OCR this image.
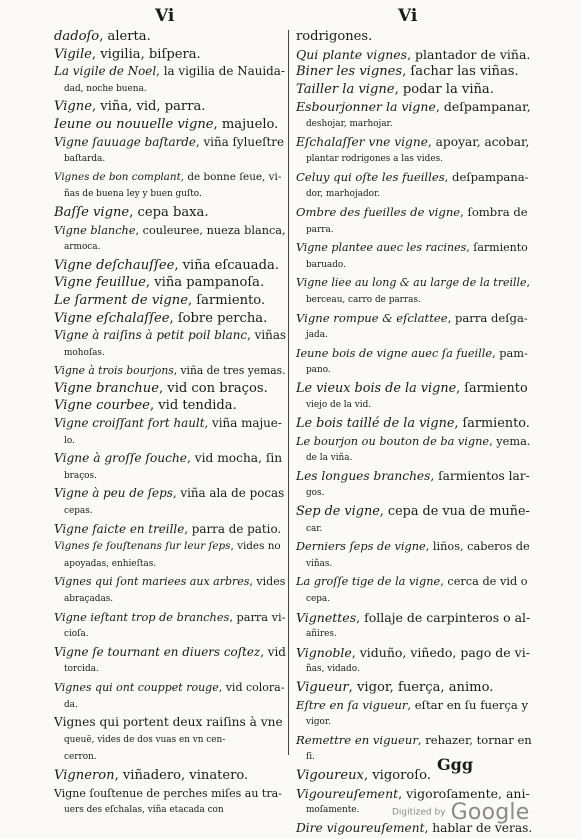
Vi	Vi
dadoſo, alerta.
Vigile, vigilia, biſpera.
La vigile de Noel, la vigilia de Nauida-
dad, noche buena.
Vigne, viña, vid, parra.
Ieune ou nouuelle vigne, majuelo.
Vigne ſauuage baſtarde, viña ſylueſtre
baſtarda.
Vignes de bon complant, de bonne ſeue, vi-
ñas de buena ley y buen guſto.
Baſſe vigne, cepa baxa.
Vigne blanche, couleuree, nueza blanca,
armoca.
Vigne deſchauſſee, viña eſcauada.
Vigne feuillue, viña pampanoſa.
Le ſarment de vigne, ſarmiento.
Vigne eſchalaſſee, ſobre percha.
Vigne à raiſins à petit poil blanc, viñas
mohoſas.
Vigne à trois bourjons, viña de tres yemas.
Vigne branchue, vid con braços.
Vigne courbee, vid tendida.
Vigne croiſſant fort hault, viña majue-
lo.
Vigne à groſſe ſouche, vid mocha, ſin
braços.
Vigne à peu de ſeps, viña ala de pocas
cepas.
Vigne faicte en treille, parra de patio.
Vignes ſe ſouſtenans ſur leur ſeps, vides no
apoyadas, enhieſtas.
Vignes qui ſont mariees aux arbres, vides
abraçadas.
Vigne ieſtant trop de branches, parra vi-
cioſa.
Vigne ſe tournant en diuers coſtez, vid
torcida.
Vignes qui ont couppet rouge, vid colora-
da.
Vignes qui portent deux raiſins à vne
queuë, vides de dos vuas en vn cen-
cerron.
Vigneron, viñadero, vinatero.
Vigne ſouſtenue de perches miſes au tra-
uers des eſchalas, viña etacada con
rodrigones.
Qui plante vignes, plantador de viña.
Biner les vignes, ſachar las viñas.
Tailler la vigne, podar la viña.
Esbourjonner la vigne, deſpampanar,
deshojar, marhojar.
Eſchalaſſer vne vigne, apoyar, acobar,
plantar rodrigones a las vides.
Celuy qui oſte les fueilles, deſpampana-
dor, marhojador.
Ombre des fueilles de vigne, ſombra de
parra.
Vigne plantee auec les racines, ſarmiento
baruado.
Vigne liee au long & au large de la treille,
berceau, carro de parras.
Vigne rompue & eſclattee, parra deſga-
jada.
Ieune bois de vigne auec ſa fueille, pam-
pano.
Le vieux bois de la vigne, ſarmiento
viejo de la vid.
Le bois taillé de la vigne, ſarmiento.
Le bourjon ou bouton de ba vigne, yema.
de la viña.
Les longues branches, ſarmientos lar-
gos.
Sep de vigne, cepa de vua de muñe-
car.
Derniers ſeps de vigne, liños, caberos de
viñas.
La groſſe tige de la vigne, cerca de vid o
cepa.
Vignettes, follaje de carpinteros o al-
añires.
Vignoble, viduño, viñedo, pago de vi-
ñas, vidado.
Vigueur, vigor, fuerça, animo.
Eſtre en ſa vigueur, eſtar en ſu fuerça y
vigor.
Remettre en vigueur, rehazer, tornar en
ſi.
Vigoureux, vigoroſo.
Vigoureuſement, vigoroſamente, ani-
moſamente.
Dire vigoureuſement, hablar de veras.
Ggg
Digitized by Google
